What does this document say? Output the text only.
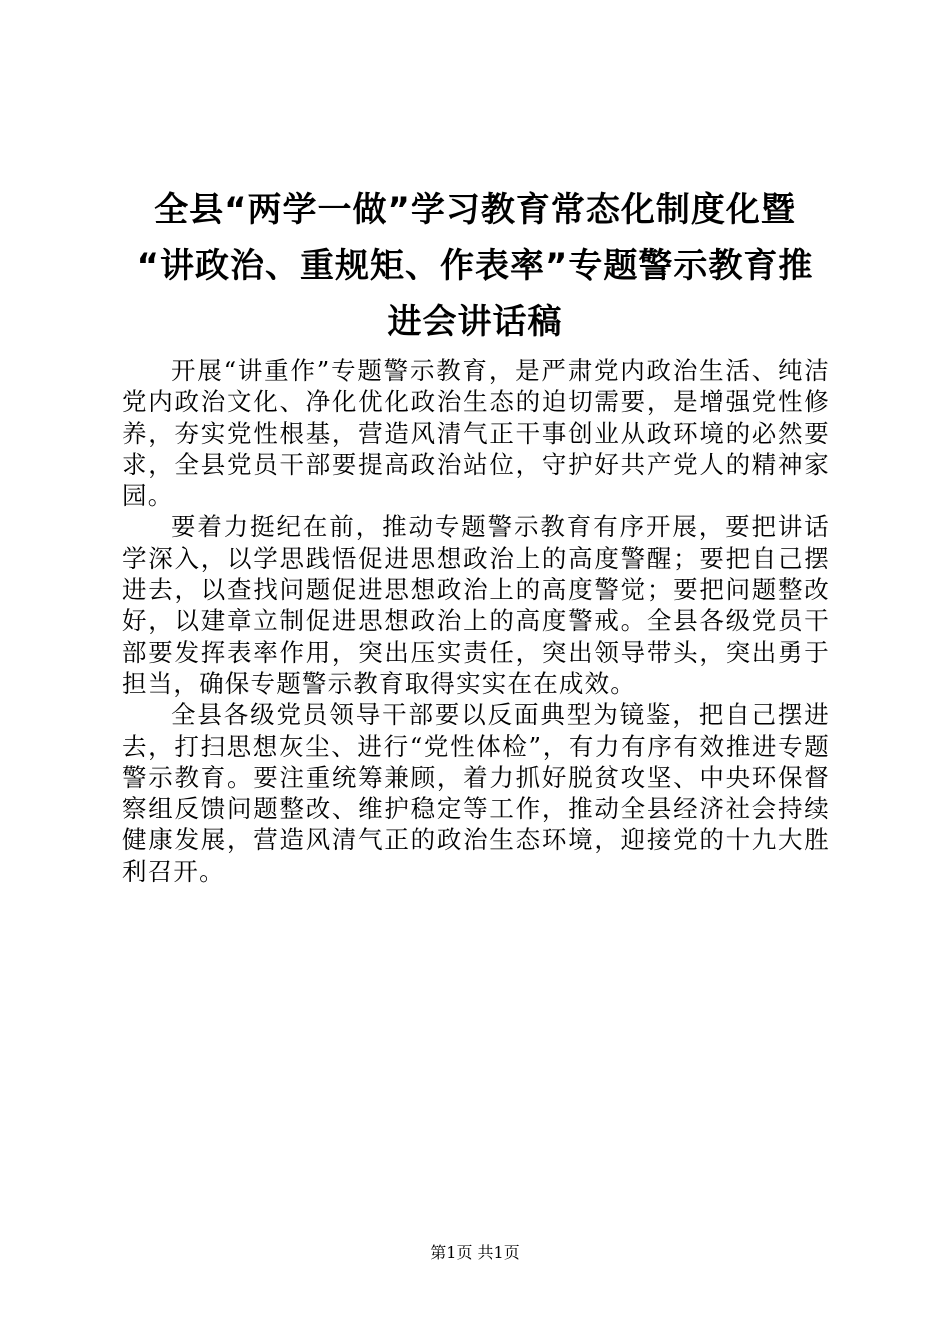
全县“两学一做”学习教育常态化制度化暨
“讲政治、重规矩、作表率”专题警示教育推
进会讲话稿

开展“讲重作”专题警示教育，是严肃党内政治生活、纯洁党内政治文化、净化优化政治生态的迫切需要，是增强党性修养，夯实党性根基，营造风清气正干事创业从政环境的必然要求，全县党员干部要提高政治站位，守护好共产党人的精神家园。

要着力挺纪在前，推动专题警示教育有序开展，要把讲话学深入，以学思践悟促进思想政治上的高度警醒；要把自己摆进去，以查找问题促进思想政治上的高度警觉；要把问题整改好，以建章立制促进思想政治上的高度警戒。全县各级党员干部要发挥表率作用，突出压实责任，突出领导带头，突出勇于担当，确保专题警示教育取得实实在在成效。

全县各级党员领导干部要以反面典型为镜鉴，把自己摆进去，打扫思想灰尘、进行“党性体检”，有力有序有效推进专题警示教育。要注重统筹兼顾，着力抓好脱贫攻坚、中央环保督察组反馈问题整改、维护稳定等工作，推动全县经济社会持续健康发展，营造风清气正的政治生态环境，迎接党的十九大胜利召开。

第1页 共1页
